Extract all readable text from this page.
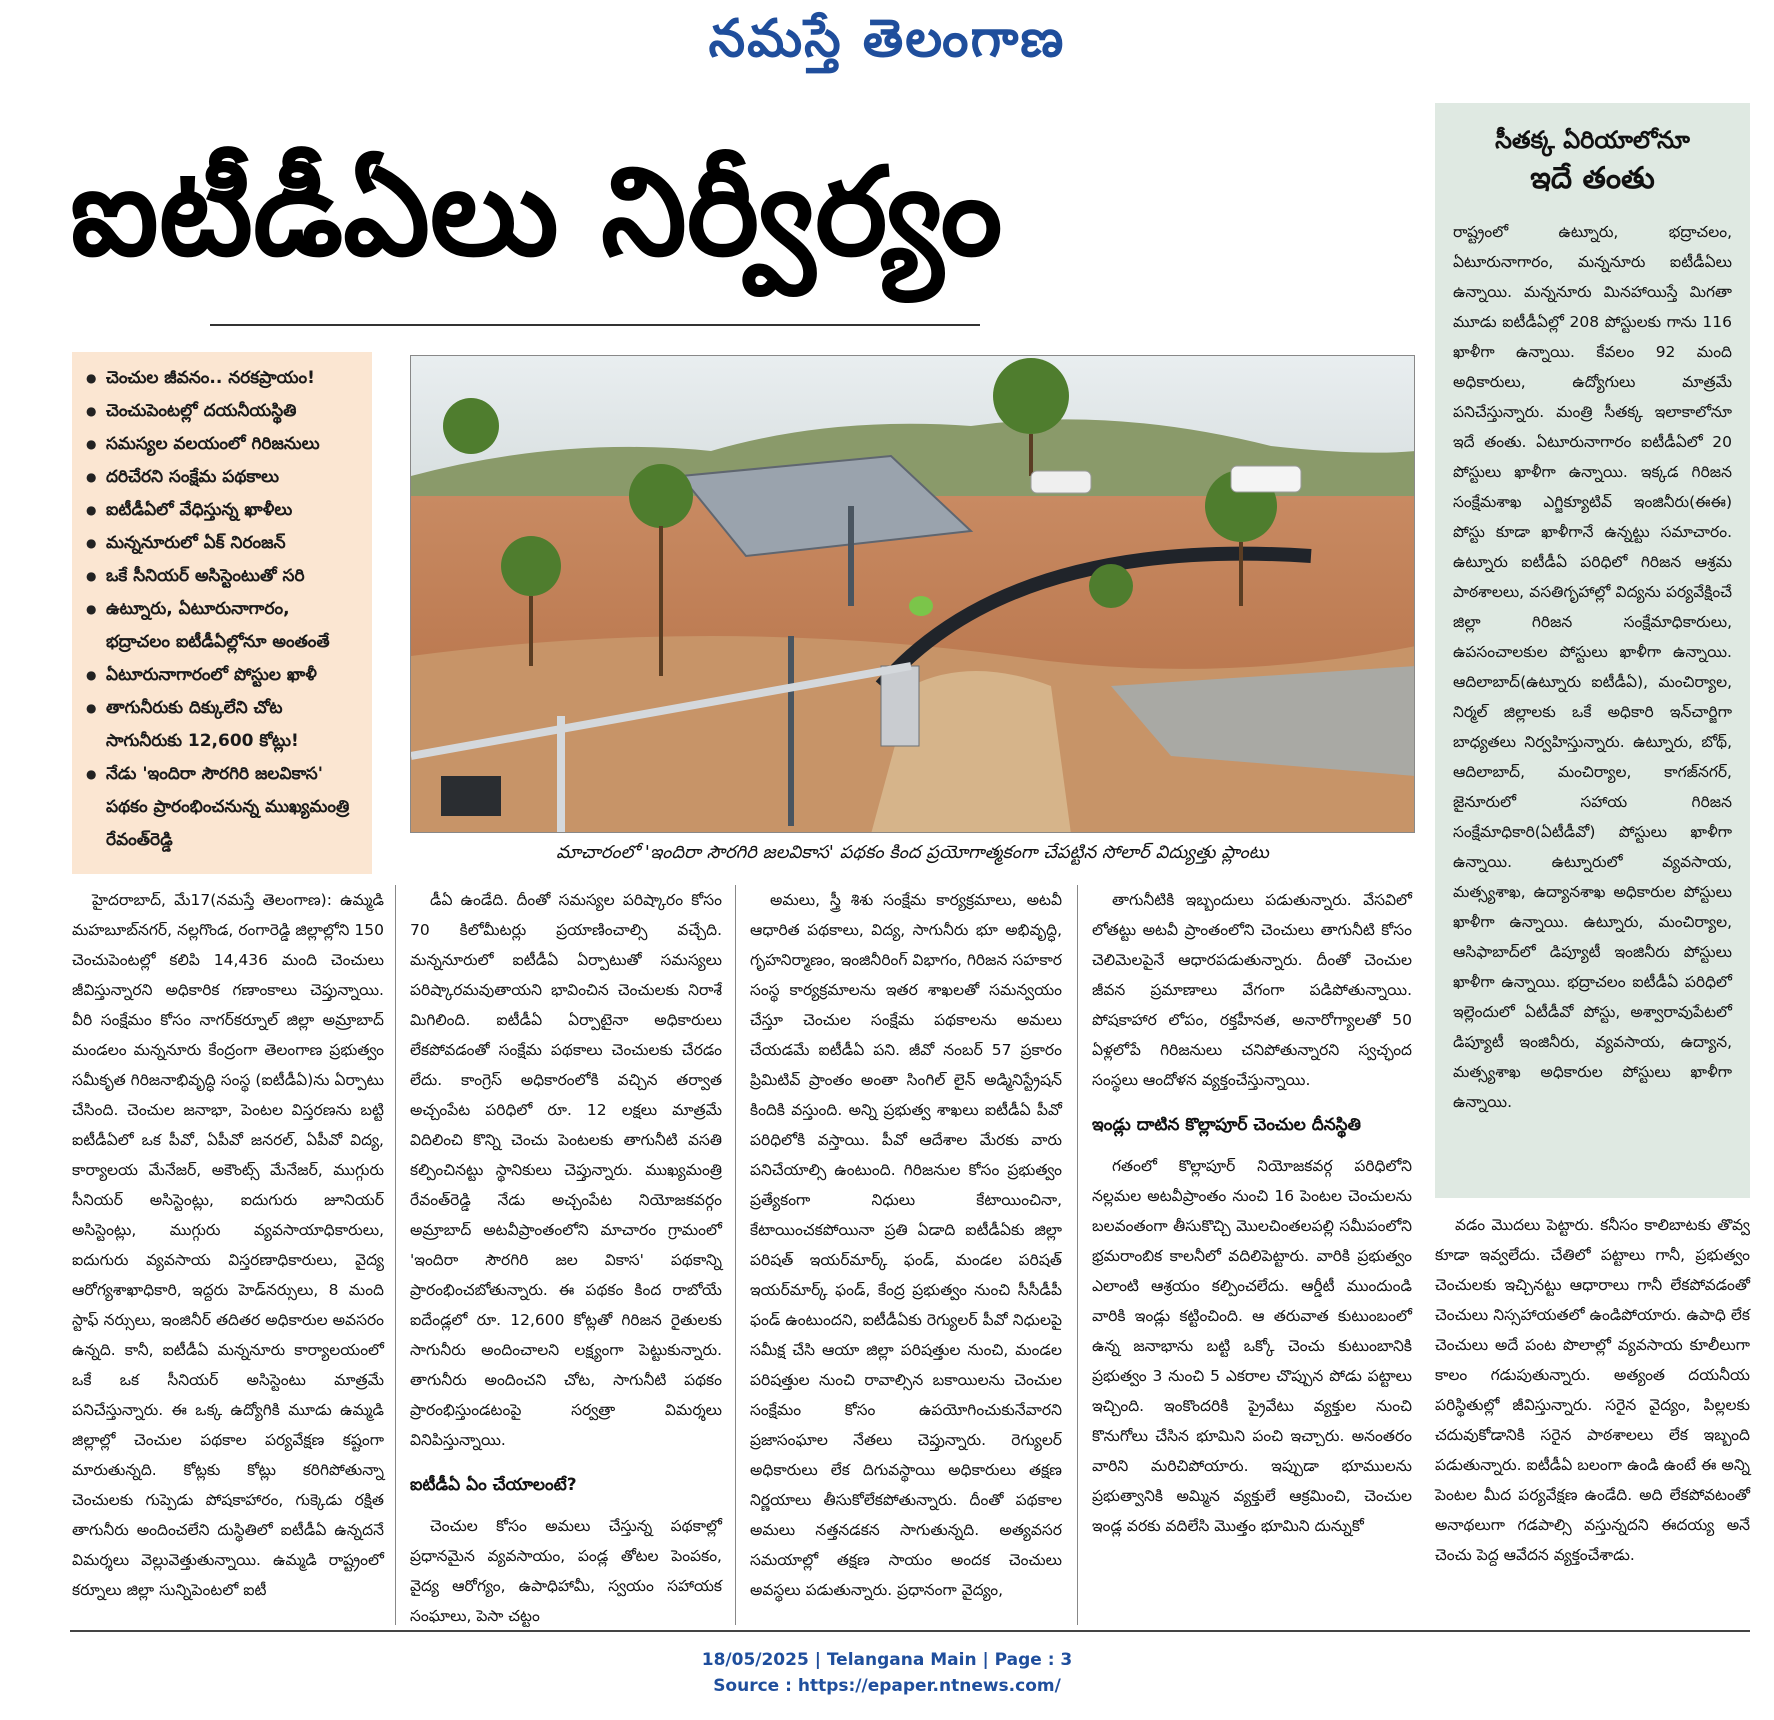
నమస్తే తెలంగాణ
ఐటీడీఏలు నిర్వీర్యం
● చెంచుల జీవనం.. నరకప్రాయం!
● చెంచుపెంటల్లో దయనీయస్థితి
● సమస్యల వలయంలో గిరిజనులు
● దరిచేరని సంక్షేమ పథకాలు
● ఐటీడీఏలో వేధిస్తున్న ఖాళీలు
● మన్ననూరులో ఏక్ నిరంజన్
● ఒకే సీనియర్ అసిస్టెంటుతో సరి
● ఉట్నూరు, ఏటూరునాగారం, భద్రాచలం ఐటీడీఏల్లోనూ అంతంతే
● ఏటూరునాగారంలో పోస్టుల ఖాళీ
● తాగునీరుకు దిక్కులేని చోట సాగునీరుకు 12,600 కోట్లు!
● నేడు 'ఇందిరా సౌరగిరి జలవికాస' పథకం ప్రారంభించనున్న ముఖ్యమంత్రి రేవంత్‌రెడ్డి
మాచారంలో 'ఇందిరా సౌరగిరి జలవికాస' పథకం కింద ప్రయోగాత్మకంగా చేపట్టిన సోలార్ విద్యుత్తు ప్లాంటు
సీతక్క ఏరియాలోనూ
ఇదే తంతు

రాష్ట్రంలో ఉట్నూరు, భద్రాచలం, ఏటూరునాగారం, మన్ననూరు ఐటీడీఏలు ఉన్నాయి. మన్ననూరు మినహాయిస్తే మిగతా మూడు ఐటీడీఏల్లో 208 పోస్టులకు గాను 116 ఖాళీగా ఉన్నాయి. కేవలం 92 మంది అధికారులు, ఉద్యోగులు మాత్రమే పనిచేస్తున్నారు. మంత్రి సీతక్క ఇలాకాలోనూ ఇదే తంతు. ఏటూరునాగారం ఐటీడీఏలో 20 పోస్టులు ఖాళీగా ఉన్నాయి. ఇక్కడ గిరిజన సంక్షేమశాఖ ఎగ్జిక్యూటివ్ ఇంజినీరు(ఈఈ) పోస్టు కూడా ఖాళీగానే ఉన్నట్టు సమాచారం. ఉట్నూరు ఐటీడీఏ పరిధిలో గిరిజన ఆశ్రమ పాఠశాలలు, వసతిగృహాల్లో విద్యను పర్యవేక్షించే జిల్లా గిరిజన సంక్షేమాధికారులు, ఉపసంచాలకుల పోస్టులు ఖాళీగా ఉన్నాయి. ఆదిలాబాద్(ఉట్నూరు ఐటీడీఏ), మంచిర్యాల, నిర్మల్ జిల్లాలకు ఒకే అధికారి ఇన్‌చార్జిగా బాధ్యతలు నిర్వహిస్తున్నారు. ఉట్నూరు, బోథ్, ఆదిలాబాద్, మంచిర్యాల, కాగజ్‌నగర్, జైనూరులో సహాయ గిరిజన సంక్షేమాధికారి(ఏటీడీవో) పోస్టులు ఖాళీగా ఉన్నాయి. ఉట్నూరులో వ్యవసాయ, మత్స్యశాఖ, ఉద్యానశాఖ అధికారుల పోస్టులు ఖాళీగా ఉన్నాయి. ఉట్నూరు, మంచిర్యాల, ఆసిఫాబాద్‌లో డిప్యూటీ ఇంజినీరు పోస్టులు ఖాళీగా ఉన్నాయి. భద్రాచలం ఐటీడీఏ పరిధిలో ఇల్లెందులో ఏటీడీవో పోస్టు, అశ్వారావుపేటలో డిప్యూటీ ఇంజినీరు, వ్యవసాయ, ఉద్యాన, మత్స్యశాఖ అధికారుల పోస్టులు ఖాళీగా ఉన్నాయి.

హైదరాబాద్, మే17(నమస్తే తెలంగాణ): ఉమ్మడి మహబూబ్‌నగర్, నల్లగొండ, రంగారెడ్డి జిల్లాల్లోని 150 చెంచుపెంటల్లో కలిపి 14,436 మంది చెంచులు జీవిస్తున్నారని అధికారిక గణాంకాలు చెప్తున్నాయి. వీరి సంక్షేమం కోసం నాగర్‌కర్నూల్ జిల్లా అమ్రాబాద్ మండలం మన్ననూరు కేంద్రంగా తెలంగాణ ప్రభుత్వం సమీకృత గిరిజనాభివృద్ధి సంస్థ (ఐటీడీఏ)ను ఏర్పాటు చేసింది. చెంచుల జనాభా, పెంటల విస్తరణను బట్టి ఐటీడీఏలో ఒక పీవో, ఏపీవో జనరల్, ఏపీవో విద్య, కార్యాలయ మేనేజర్, అకౌంట్స్ మేనేజర్, ముగ్గురు సీనియర్ అసిస్టెంట్లు, ఐదుగురు జూనియర్ అసిస్టెంట్లు, ముగ్గురు వ్యవసాయాధికారులు, ఐదుగురు వ్యవసాయ విస్తరణాధికారులు, వైద్య ఆరోగ్యశాఖాధికారి, ఇద్దరు హెడ్‌నర్సులు, 8 మంది స్టాఫ్ నర్సులు, ఇంజినీర్ తదితర అధికారుల అవసరం ఉన్నది. కానీ, ఐటీడీఏ మన్ననూరు కార్యాలయంలో ఒకే ఒక సీనియర్ అసిస్టెంటు మాత్రమే పనిచేస్తున్నారు. ఈ ఒక్క ఉద్యోగికి మూడు ఉమ్మడి జిల్లాల్లో చెంచుల పథకాల పర్యవేక్షణ కష్టంగా మారుతున్నది. కోట్లకు కోట్లు కరిగిపోతున్నా చెంచులకు గుప్పెడు పోషకాహారం, గుక్కెడు రక్షిత తాగునీరు అందించలేని దుస్థితిలో ఐటీడీఏ ఉన్నదనే విమర్శలు వెల్లువెత్తుతున్నాయి. ఉమ్మడి రాష్ట్రంలో కర్నూలు జిల్లా సున్నిపెంటలో ఐటీ

డీఏ ఉండేది. దీంతో సమస్యల పరిష్కారం కోసం 70 కిలోమీటర్లు ప్రయాణించాల్సి వచ్చేది. మన్ననూరులో ఐటీడీఏ ఏర్పాటుతో సమస్యలు పరిష్కారమవుతాయని భావించిన చెంచులకు నిరాశే మిగిలింది. ఐటీడీఏ ఏర్పాటైనా అధికారులు లేకపోవడంతో సంక్షేమ పథకాలు చెంచులకు చేరడం లేదు. కాంగ్రెస్ అధికారంలోకి వచ్చిన తర్వాత అచ్చంపేట పరిధిలో రూ. 12 లక్షలు మాత్రమే విదిలించి కొన్ని చెంచు పెంటలకు తాగునీటి వసతి కల్పించినట్టు స్థానికులు చెప్తున్నారు. ముఖ్యమంత్రి రేవంత్‌రెడ్డి నేడు అచ్చంపేట నియోజకవర్గం అమ్రాబాద్ అటవీప్రాంతంలోని మాచారం గ్రామంలో 'ఇందిరా సౌరగిరి జల వికాస' పథకాన్ని ప్రారంభించబోతున్నారు. ఈ పథకం కింద రాబోయే ఐదేండ్లలో రూ. 12,600 కోట్లతో గిరిజన రైతులకు సాగునీరు అందించాలని లక్ష్యంగా పెట్టుకున్నారు. తాగునీరు అందించని చోట, సాగునీటి పథకం ప్రారంభిస్తుండటంపై సర్వత్రా విమర్శలు వినిపిస్తున్నాయి.

ఐటీడీఏ ఏం చేయాలంటే?

చెంచుల కోసం అమలు చేస్తున్న పథకాల్లో ప్రధానమైన వ్యవసాయం, పండ్ల తోటల పెంపకం, వైద్య ఆరోగ్యం, ఉపాధిహామీ, స్వయం సహాయక సంఘాలు, పెసా చట్టం

అమలు, స్త్రీ శిశు సంక్షేమ కార్యక్రమాలు, అటవీ ఆధారిత పథకాలు, విద్య, సాగునీరు భూ అభివృద్ధి, గృహనిర్మాణం, ఇంజినీరింగ్ విభాగం, గిరిజన సహకార సంస్థ కార్యక్రమాలను ఇతర శాఖలతో సమన్వయం చేస్తూ చెంచుల సంక్షేమ పథకాలను అమలు చేయడమే ఐటీడీఏ పని. జీవో నంబర్ 57 ప్రకారం ప్రిమిటివ్ ప్రాంతం అంతా సింగిల్ లైన్ అడ్మినిస్ట్రేషన్ కిందికి వస్తుంది. అన్ని ప్రభుత్వ శాఖలు ఐటీడీఏ పీవో పరిధిలోకి వస్తాయి. పీవో ఆదేశాల మేరకు వారు పనిచేయాల్సి ఉంటుంది. గిరిజనుల కోసం ప్రభుత్వం ప్రత్యేకంగా నిధులు కేటాయించినా, కేటాయించకపోయినా ప్రతి ఏడాది ఐటీడీఏకు జిల్లా పరిషత్ ఇయర్‌మార్క్ ఫండ్, మండల పరిషత్ ఇయర్‌మార్క్ ఫండ్, కేంద్ర ప్రభుత్వం నుంచి సీసీడీపీ ఫండ్ ఉంటుందని, ఐటీడీఏకు రెగ్యులర్ పీవో నిధులపై సమీక్ష చేసి ఆయా జిల్లా పరిషత్తుల నుంచి, మండల పరిషత్తుల నుంచి రావాల్సిన బకాయిలను చెంచుల సంక్షేమం కోసం ఉపయోగించుకునేవారని ప్రజాసంఘాల నేతలు చెప్తున్నారు. రెగ్యులర్ అధికారులు లేక దిగువస్థాయి అధికారులు తక్షణ నిర్ణయాలు తీసుకోలేకపోతున్నారు. దీంతో పథకాల అమలు నత్తనడకన సాగుతున్నది. అత్యవసర సమయాల్లో తక్షణ సాయం అందక చెంచులు అవస్థలు పడుతున్నారు. ప్రధానంగా వైద్యం,

తాగునీటికి ఇబ్బందులు పడుతున్నారు. వేసవిలో లోతట్టు అటవీ ప్రాంతంలోని చెంచులు తాగునీటి కోసం చెలిమెలపైనే ఆధారపడుతున్నారు. దీంతో చెంచుల జీవన ప్రమాణాలు వేగంగా పడిపోతున్నాయి. పోషకాహార లోపం, రక్తహీనత, అనారోగ్యాలతో 50 ఏళ్లలోపే గిరిజనులు చనిపోతున్నారని స్వచ్ఛంద సంస్థలు ఆందోళన వ్యక్తంచేస్తున్నాయి.

ఇండ్లు దాటిన కొల్లాపూర్ చెంచుల దీనస్థితి

గతంలో కొల్లాపూర్ నియోజకవర్గ పరిధిలోని నల్లమల అటవీప్రాంతం నుంచి 16 పెంటల చెంచులను బలవంతంగా తీసుకొచ్చి మొలచింతలపల్లి సమీపంలోని భ్రమరాంబిక కాలనీలో వదిలిపెట్టారు. వారికి ప్రభుత్వం ఎలాంటి ఆశ్రయం కల్పించలేదు. ఆర్డీటీ ముందుండి వారికి ఇండ్లు కట్టించింది. ఆ తరువాత కుటుంబంలో ఉన్న జనాభాను బట్టి ఒక్కో చెంచు కుటుంబానికి ప్రభుత్వం 3 నుంచి 5 ఎకరాల చొప్పున పోడు పట్టాలు ఇచ్చింది. ఇంకొందరికి ప్రైవేటు వ్యక్తుల నుంచి కొనుగోలు చేసిన భూమిని పంచి ఇచ్చారు. అనంతరం వారిని మరిచిపోయారు. ఇప్పుడా భూములను ప్రభుత్వానికి అమ్మిన వ్యక్తులే ఆక్రమించి, చెంచుల ఇండ్ల వరకు వదిలేసి మొత్తం భూమిని దున్నుకో

వడం మొదలు పెట్టారు. కనీసం కాలిబాటకు తొవ్వ కూడా ఇవ్వలేదు. చేతిలో పట్టాలు గానీ, ప్రభుత్వం చెంచులకు ఇచ్చినట్టు ఆధారాలు గానీ లేకపోవడంతో చెంచులు నిస్సహాయతలో ఉండిపోయారు. ఉపాధి లేక చెంచులు అదే పంట పొలాల్లో వ్యవసాయ కూలీలుగా కాలం గడుపుతున్నారు. అత్యంత దయనీయ పరిస్థితుల్లో జీవిస్తున్నారు. సరైన వైద్యం, పిల్లలకు చదువుకోడానికి సరైన పాఠశాలలు లేక ఇబ్బంది పడుతున్నారు. ఐటీడీఏ బలంగా ఉండి ఉంటే ఈ అన్ని పెంటల మీద పర్యవేక్షణ ఉండేది. అది లేకపోవటంతో అనాథలుగా గడపాల్సి వస్తున్నదని ఈదయ్య అనే చెంచు పెద్ద ఆవేదన వ్యక్తంచేశాడు.

18/05/2025 | Telangana Main | Page : 3
Source : https://epaper.ntnews.com/
